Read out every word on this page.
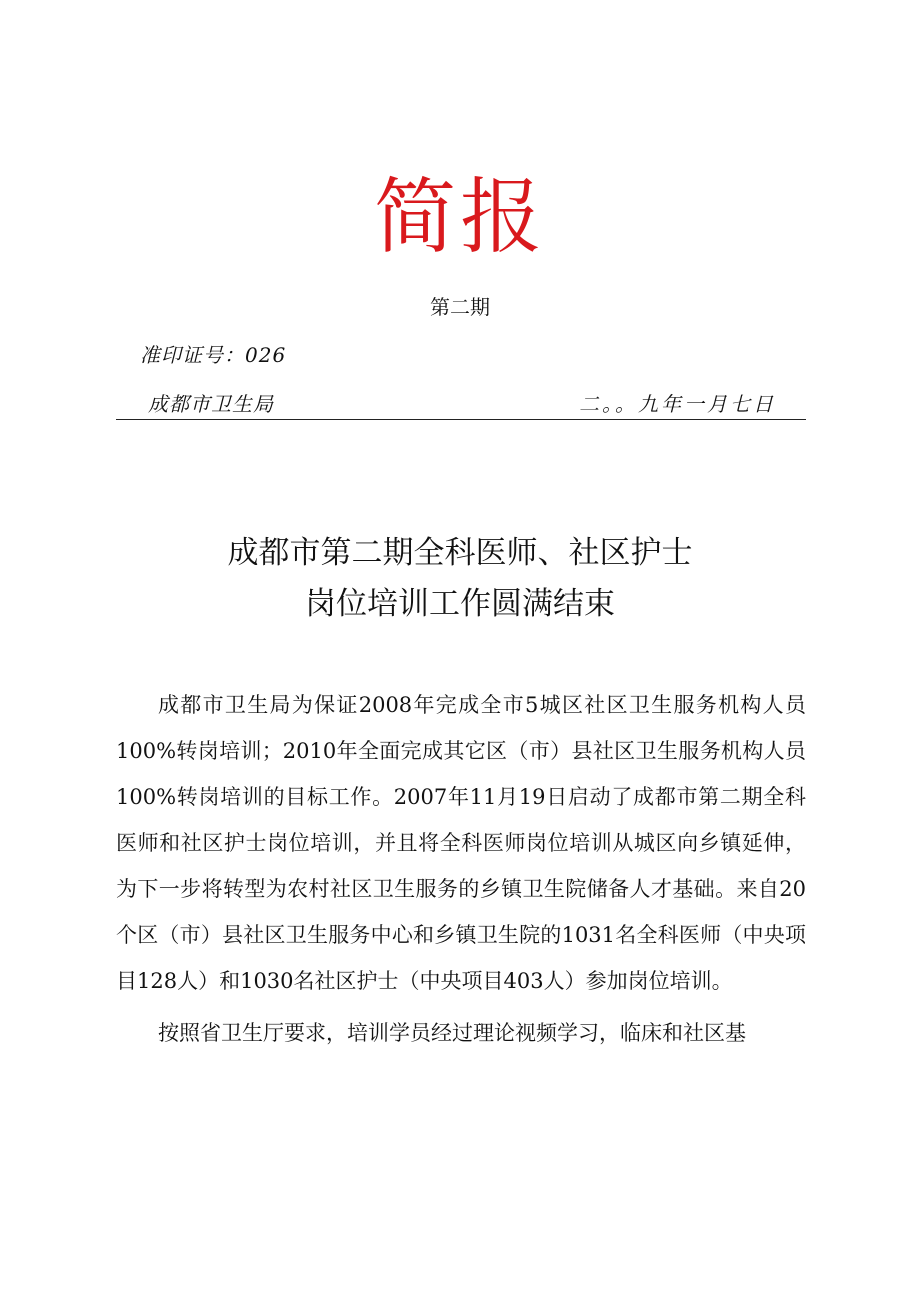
简报
第二期
准印证号：026
成都市卫生局	二。。九年一月七日
成都市第二期全科医师、社区护士
岗位培训工作圆满结束

成都市卫生局为保证2008年完成全市5城区社区卫生服务机构人员100%转岗培训；2010年全面完成其它区（市）县社区卫生服务机构人员100%转岗培训的目标工作。2007年11月19日启动了成都市第二期全科医师和社区护士岗位培训，并且将全科医师岗位培训从城区向乡镇延伸，为下一步将转型为农村社区卫生服务的乡镇卫生院储备人才基础。来自20个区（市）县社区卫生服务中心和乡镇卫生院的1031名全科医师（中央项目128人）和1030名社区护士（中央项目403人）参加岗位培训。

按照省卫生厅要求，培训学员经过理论视频学习，临床和社区基
